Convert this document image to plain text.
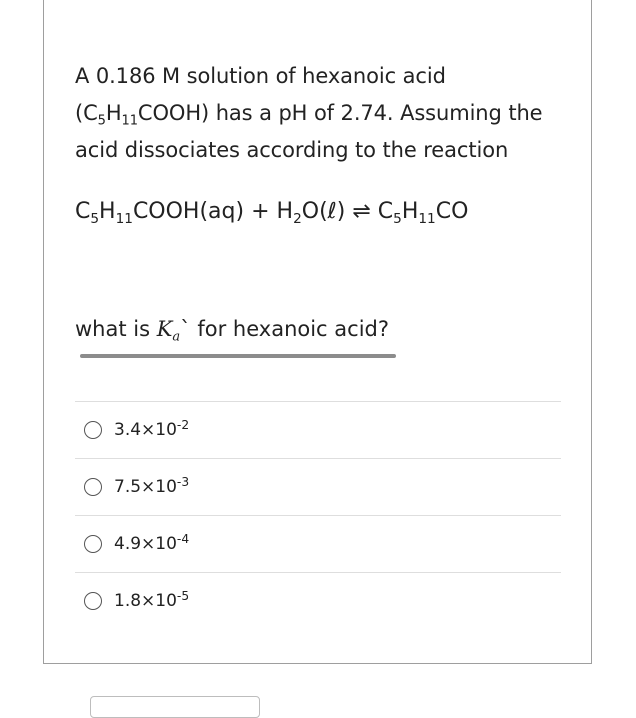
A 0.186 M solution of hexanoic acid $(C_5H_{11}COOH)$ has a pH of 2.74. Assuming the acid dissociates according to the reaction
$C_5H_{11}COOH(aq)$ + $H_2O(\ell)$ ⇌ $C_5H_{11}CO$
what is $K_a`$ for hexanoic acid?
$3.4\times 10^{-2}$
$7.5\times 10^{-3}$
$4.9\times 10^{-4}$
$1.8\times 10^{-5}$
